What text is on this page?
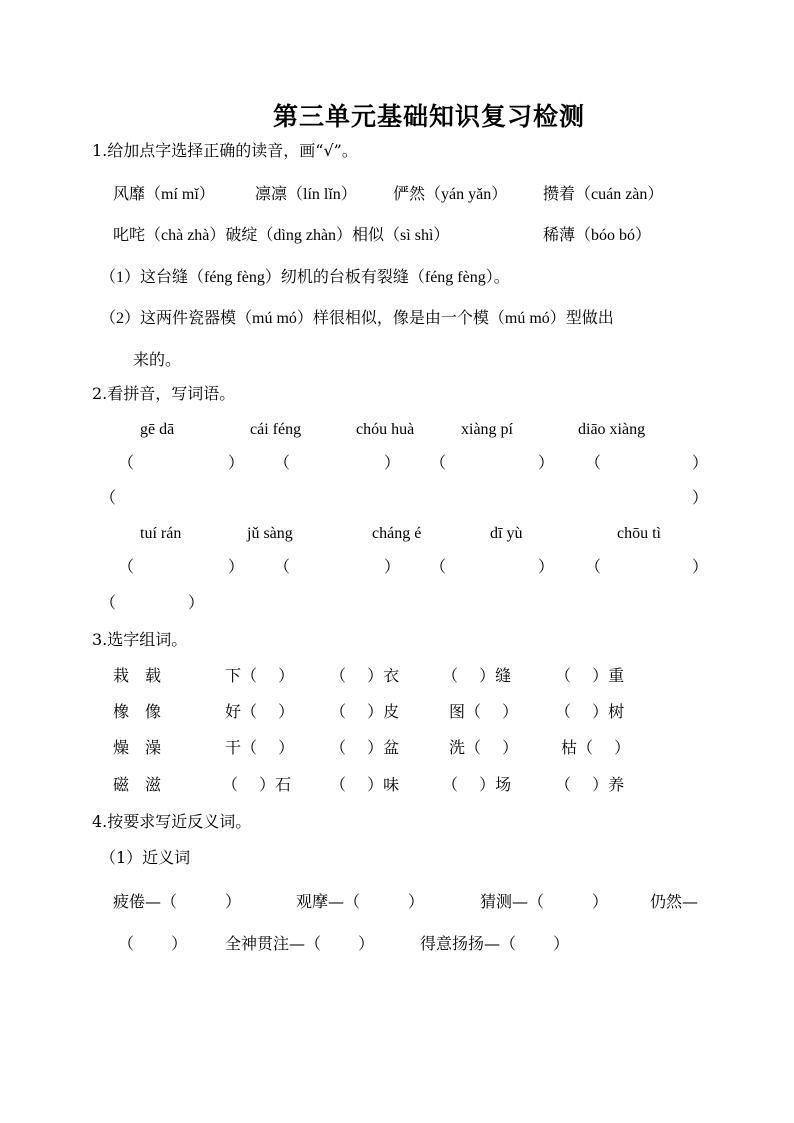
第三单元基础知识复习检测
1.给加点字选择正确的读音，画“√”。
风靡（mí mǐ）	凛凛（lín lǐn） 俨然（yán yǎn） 攒着（cuán zàn）
叱咤（chà zhà）破绽（dìng zhàn）相似（sì shì）	稀薄（bóo bó）
（1）这台缝（féng fèng）纫机的台板有裂缝（féng fèng）。
（2）这两件瓷器模（mú mó）样很相似，像是由一个模（mú mó）型做出
来的。
2.看拼音，写词语。
gē dā	cái féng	chóu huà	xiàng pí	diāo xiàng
（	） （	） （	） （	）
（	）
tuí rán	jǔ sàng	cháng é	dī yù	chōu tì
（	） （	） （	） （	）
（	）
3.选字组词。
栽　载	下（　 ） （　 ）衣	（　 ）缝	（　 ）重
橡　像	好（　 ） （　 ）皮	图（　 ） （　 ）树
燥　澡	干（　 ） （　 ）盆	洗（　 ）	枯（　 ）
磁　滋	（　 ）石 （　 ）味	（　 ）场	（　 ）养
4.按要求写近反义词。
（1）近义词
疲倦—（　　　）	观摩—（　　　）	猜测—（　　　）	仍然—
（　　 ） 全神贯注—（　　 ）	得意扬扬—（　　 ）
